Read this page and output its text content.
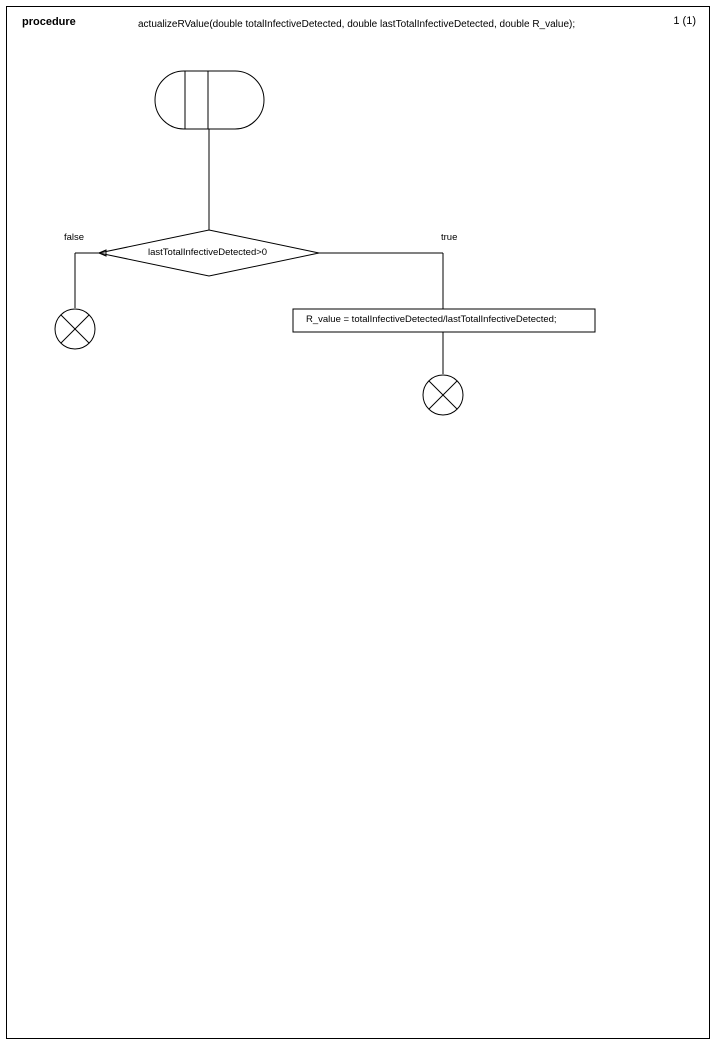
procedure	actualizeRValue(double totalInfectiveDetected, double lastTotalInfectiveDetected, double R_value);	1 (1)
lastTotalInfectiveDetected>0
false	true
R_value = totalInfectiveDetected/lastTotalInfectiveDetected;
